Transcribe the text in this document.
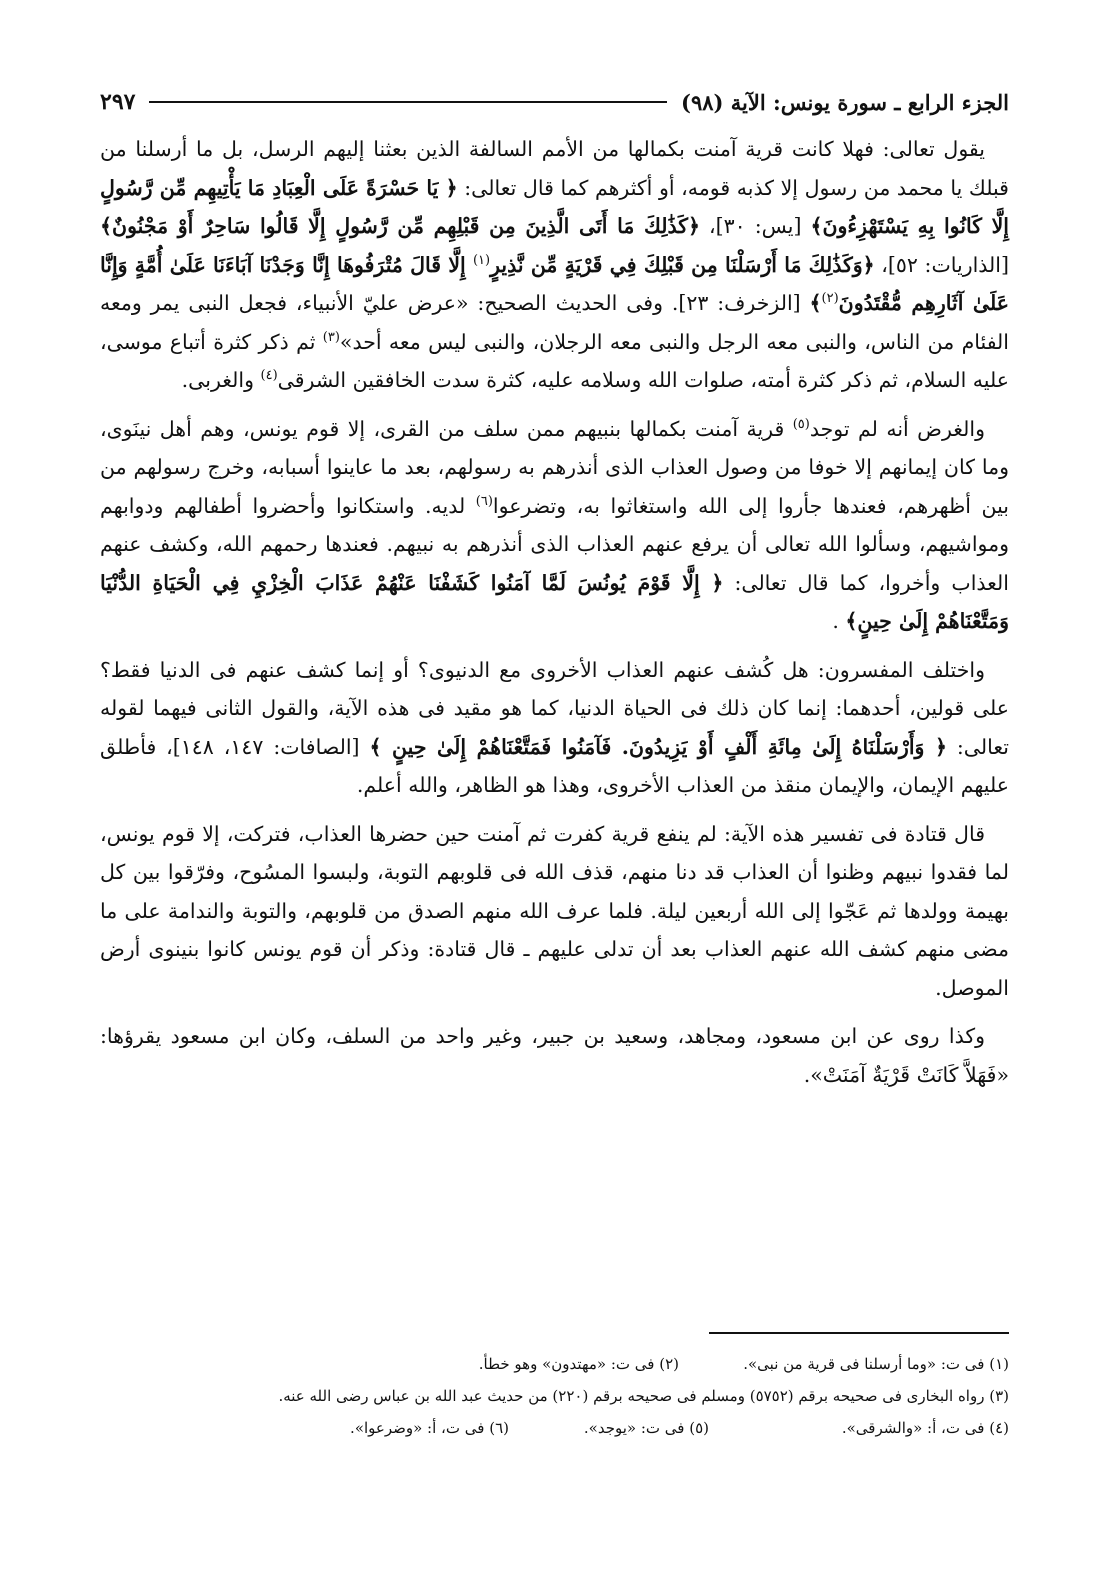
الجزء الرابع ـ سورة يونس: الآية (٩٨)
٢٩٧

يقول تعالى: فهلا كانت قرية آمنت بكمالها من الأمم السالفة الذين بعثنا إليهم الرسل، بل ما أرسلنا من قبلك يا محمد من رسول إلا كذبه قومه، أو أكثرهم كما قال تعالى: ﴿ يَا حَسْرَةً عَلَى الْعِبَادِ مَا يَأْتِيهِم مِّن رَّسُولٍ إِلَّا كَانُوا بِهِ يَسْتَهْزِءُونَ﴾ [يس: ٣٠]، ﴿كَذَٰلِكَ مَا أَتَى الَّذِينَ مِن قَبْلِهِم مِّن رَّسُولٍ إِلَّا قَالُوا سَاحِرٌ أَوْ مَجْنُونٌ﴾ [الذاريات: ٥٢]، ﴿وَكَذَٰلِكَ مَا أَرْسَلْنَا مِن قَبْلِكَ فِي قَرْيَةٍ مِّن نَّذِيرٍ$^{(١)}$ إِلَّا قَالَ مُتْرَفُوهَا إِنَّا وَجَدْنَا آبَاءَنَا عَلَىٰ أُمَّةٍ وَإِنَّا عَلَىٰ آثَارِهِم مُّقْتَدُونَ$^{(٢)}$﴾ [الزخرف: ٢٣]. وفى الحديث الصحيح: «عرض عليّ الأنبياء، فجعل النبى يمر ومعه الفئام من الناس، والنبى معه الرجل والنبى معه الرجلان، والنبى ليس معه أحد»$^{(٣)}$ ثم ذكر كثرة أتباع موسى، عليه السلام، ثم ذكر كثرة أمته، صلوات الله وسلامه عليه، كثرة سدت الخافقين الشرقى$^{(٤)}$ والغربى.

والغرض أنه لم توجد$^{(٥)}$ قرية آمنت بكمالها بنبيهم ممن سلف من القرى، إلا قوم يونس، وهم أهل نينَوى، وما كان إيمانهم إلا خوفا من وصول العذاب الذى أنذرهم به رسولهم، بعد ما عاينوا أسبابه، وخرج رسولهم من بين أظهرهم، فعندها جأروا إلى الله واستغاثوا به، وتضرعوا$^{(٦)}$ لديه. واستكانوا وأحضروا أطفالهم ودوابهم ومواشيهم، وسألوا الله تعالى أن يرفع عنهم العذاب الذى أنذرهم به نبيهم. فعندها رحمهم الله، وكشف عنهم العذاب وأخروا، كما قال تعالى: ﴿ إِلَّا قَوْمَ يُونُسَ لَمَّا آمَنُوا كَشَفْنَا عَنْهُمْ عَذَابَ الْخِزْيِ فِي الْحَيَاةِ الدُّنْيَا وَمَتَّعْنَاهُمْ إِلَىٰ حِينٍ﴾ .

واختلف المفسرون: هل كُشف عنهم العذاب الأخروى مع الدنيوى؟ أو إنما كشف عنهم فى الدنيا فقط؟ على قولين، أحدهما: إنما كان ذلك فى الحياة الدنيا، كما هو مقيد فى هذه الآية، والقول الثانى فيهما لقوله تعالى: ﴿ وَأَرْسَلْنَاهُ إِلَىٰ مِائَةِ أَلْفٍ أَوْ يَزِيدُونَ. فَآمَنُوا فَمَتَّعْنَاهُمْ إِلَىٰ حِينٍ ﴾ [الصافات: ١٤٧، ١٤٨]، فأطلق عليهم الإيمان، والإيمان منقذ من العذاب الأخروى، وهذا هو الظاهر، والله أعلم.

قال قتادة فى تفسير هذه الآية: لم ينفع قرية كفرت ثم آمنت حين حضرها العذاب، فتركت، إلا قوم يونس، لما فقدوا نبيهم وظنوا أن العذاب قد دنا منهم، قذف الله فى قلوبهم التوبة، ولبسوا المسُوح، وفرّقوا بين كل بهيمة وولدها ثم عَجّوا إلى الله أربعين ليلة. فلما عرف الله منهم الصدق من قلوبهم، والتوبة والندامة على ما مضى منهم كشف الله عنهم العذاب بعد أن تدلى عليهم ـ قال قتادة: وذكر أن قوم يونس كانوا بنينوى أرض الموصل.

وكذا روى عن ابن مسعود، ومجاهد، وسعيد بن جبير، وغير واحد من السلف، وكان ابن مسعود يقرؤها: «فَهَلاَّ كَانَتْ قَرْيَةٌ آمَنَتْ».

(١) فى ت: «وما أرسلنا فى قرية من نبى».
(٢) فى ت: «مهتدون» وهو خطأ.
(٣) رواه البخارى فى صحيحه برقم (٥٧٥٢) ومسلم فى صحيحه برقم (٢٢٠) من حديث عبد الله بن عباس رضى الله عنه.
(٤) فى ت، أ: «والشرقى».
(٥) فى ت: «يوجد».
(٦) فى ت، أ: «وضرعوا».
